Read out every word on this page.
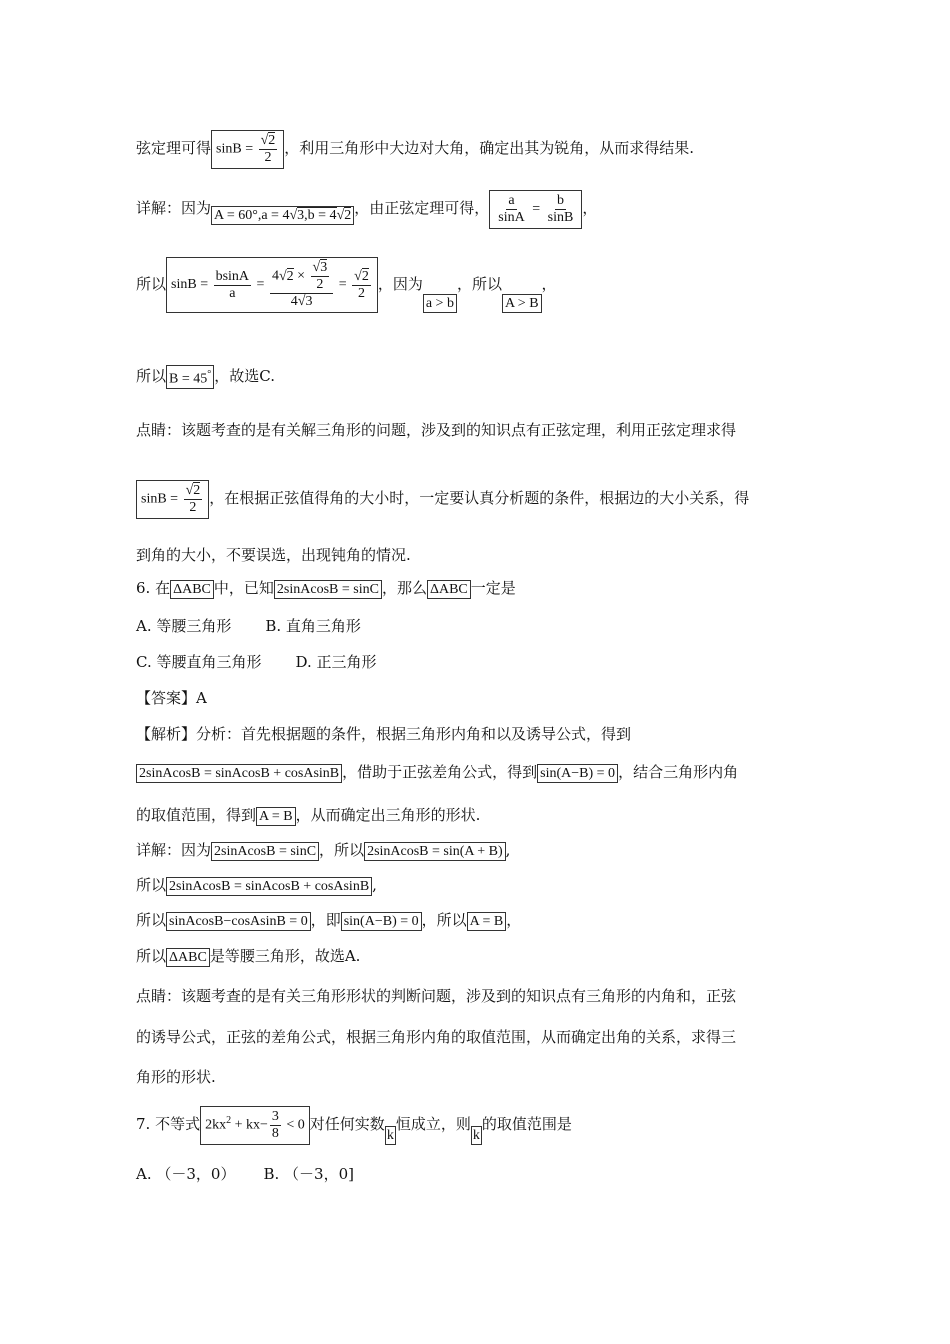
弦定理可得 $\sin B = \frac{√2}{2}$ ，利用三角形中大边对大角，确定出其为锐角，从而求得结果.
详解：因为 A = 60°,a = 4√3,b = 4√2 ，由正弦定理可得， $\frac{a}{\sin A} = \frac{b}{\sin B}$ ，
所以 $\sin B = \frac{bsinA}{a} = \frac{4√2 \times \frac{√3}{2}}{4√3} = \frac{√2}{2}$ ，因为a > b，所以A > B，
所以 B = 45° ，故选C.
点睛：该题考查的是有关解三角形的问题，涉及到的知识点有正弦定理，利用正弦定理求得
$\sin B = \frac{√2}{2}$ ，在根据正弦值得角的大小时，一定要认真分析题的条件，根据边的大小关系，得
到角的大小，不要误选，出现钝角的情况.
6. 在 ΔABC 中，已知 2sinAcosB = sinC ，那么 ΔABC 一定是
A. 等腰三角形 B. 直角三角形
C. 等腰直角三角形 D. 正三角形
【答案】A
【解析】分析：首先根据题的条件，根据三角形内角和以及诱导公式，得到
2sinAcosB = sinAcosB + cosAsinB ，借助于正弦差角公式，得到 sin(A−B) = 0 ，结合三角形内角
的取值范围，得到 A = B ，从而确定出三角形的形状.
详解：因为 2sinAcosB = sinC ，所以 2sinAcosB = sin(A + B) ,
所以 2sinAcosB = sinAcosB + cosAsinB ,
所以 sinAcosB−cosAsinB = 0 ，即 sin(A−B) = 0 ，所以 A = B ，
所以 ΔABC 是等腰三角形，故选A.
点睛：该题考查的是有关三角形形状的判断问题，涉及到的知识点有三角形的内角和，正弦
的诱导公式，正弦的差角公式，根据三角形内角的取值范围，从而确定出角的关系，求得三
角形的形状.
7. 不等式 $2kx^2 + kx- \frac{3}{8} < 0$ 对任何实数k恒成立，则k的取值范围是
A. （－3，0） B. （－3，0]
